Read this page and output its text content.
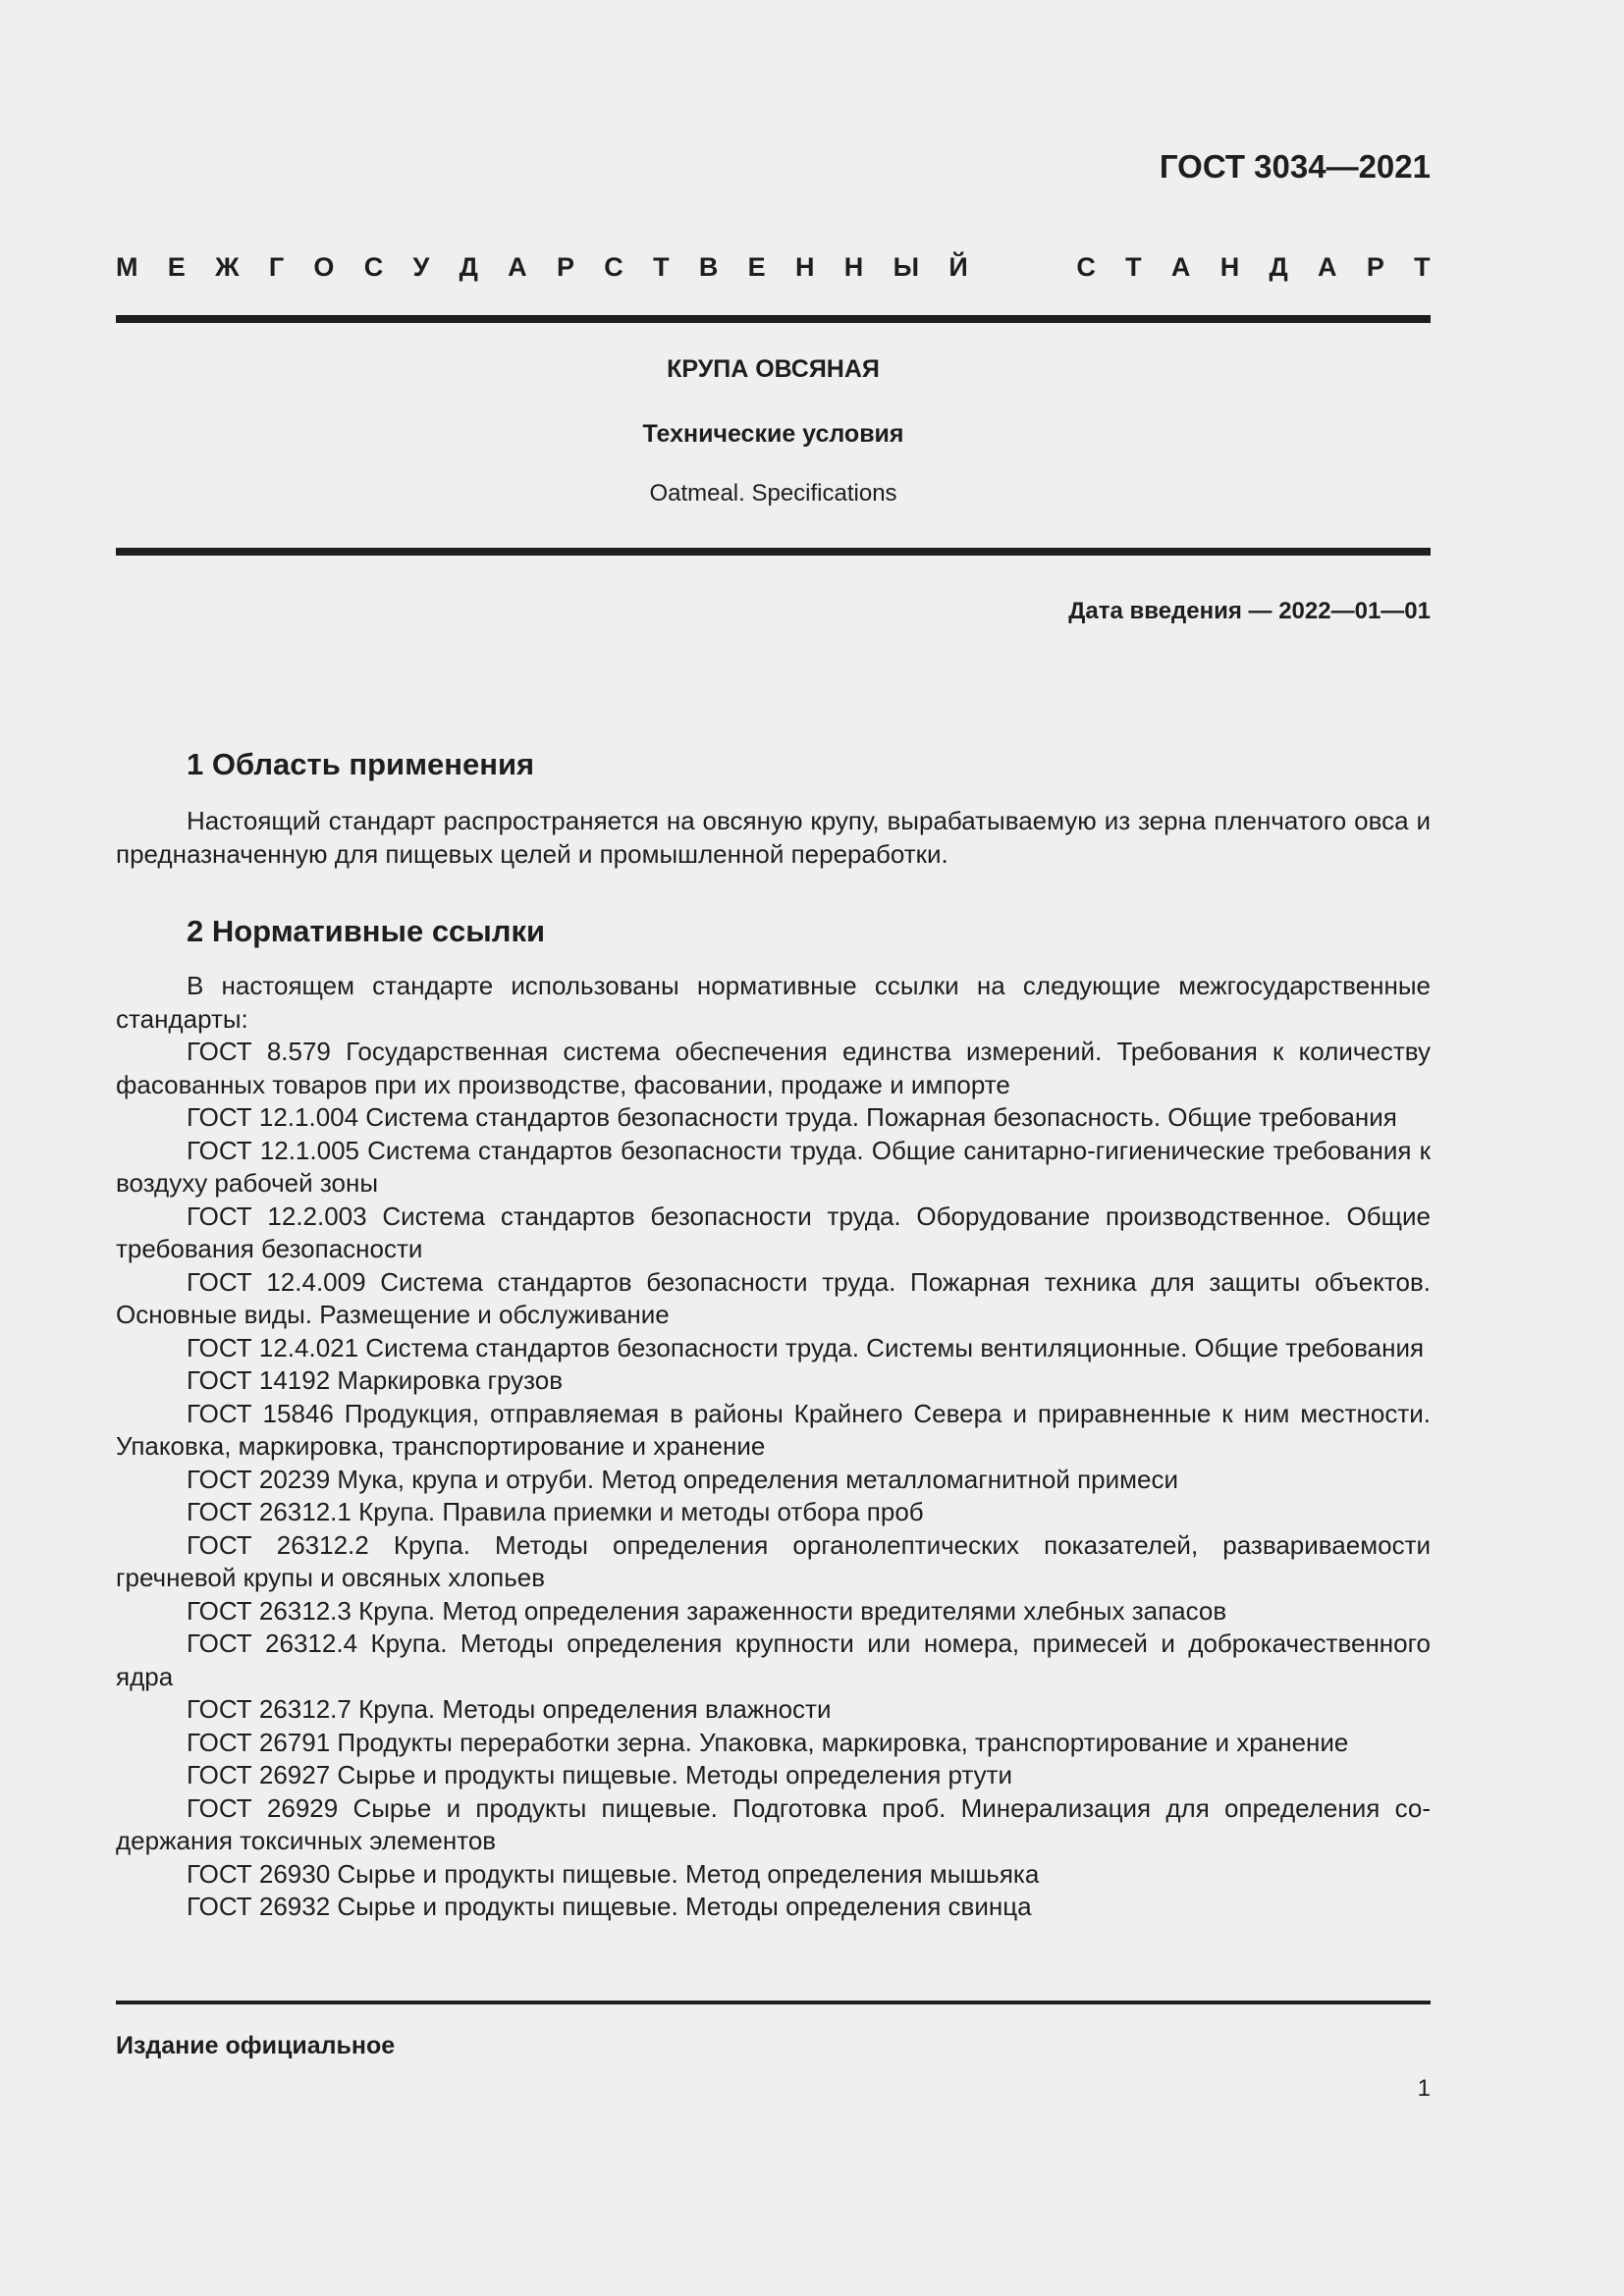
ГОСТ 3034—2021
М Е Ж Г О С У Д А Р С Т В Е Н Н Ы Й	С Т А Н Д А Р Т
КРУПА ОВСЯНАЯ
Технические условия

Oatmeal. Specifications

Дата введения — 2022—01—01
1 Область применения

Настоящий стандарт распространяется на овсяную крупу, вырабатываемую из зерна пленчатого овса и предназначенную для пищевых целей и промышленной переработки.

2 Нормативные ссылки
В настоящем стандарте использованы нормативные ссылки на следующие межгосударственные стандарты:
ГОСТ 8.579 Государственная система обеспечения единства измерений. Требования к количеству фасованных товаров при их производстве, фасовании, продаже и импорте
ГОСТ 12.1.004 Система стандартов безопасности труда. Пожарная безопасность. Общие требования
ГОСТ 12.1.005 Система стандартов безопасности труда. Общие санитарно-гигиенические требования к воздуху рабочей зоны
ГОСТ 12.2.003 Система стандартов безопасности труда. Оборудование производственное. Общие требования безопасности
ГОСТ 12.4.009 Система стандартов безопасности труда. Пожарная техника для защиты объектов. Основные виды. Размещение и обслуживание
ГОСТ 12.4.021 Система стандартов безопасности труда. Системы вентиляционные. Общие требования
ГОСТ 14192 Маркировка грузов
ГОСТ 15846 Продукция, отправляемая в районы Крайнего Севера и приравненные к ним местности. Упаковка, маркировка, транспортирование и хранение
ГОСТ 20239 Мука, крупа и отруби. Метод определения металломагнитной примеси
ГОСТ 26312.1 Крупа. Правила приемки и методы отбора проб
ГОСТ 26312.2 Крупа. Методы определения органолептических показателей, развариваемости гречневой крупы и овсяных хлопьев
ГОСТ 26312.3 Крупа. Метод определения зараженности вредителями хлебных запасов
ГОСТ 26312.4 Крупа. Методы определения крупности или номера, примесей и доброкачественного ядра
ГОСТ 26312.7 Крупа. Методы определения влажности
ГОСТ 26791 Продукты переработки зерна. Упаковка, маркировка, транспортирование и хранение
ГОСТ 26927 Сырье и продукты пищевые. Методы определения ртути
ГОСТ 26929 Сырье и продукты пищевые. Подготовка проб. Минерализация для определения содержания токсичных элементов
ГОСТ 26930 Сырье и продукты пищевые. Метод определения мышьяка
ГОСТ 26932 Сырье и продукты пищевые. Методы определения свинца
Издание официальное
1
